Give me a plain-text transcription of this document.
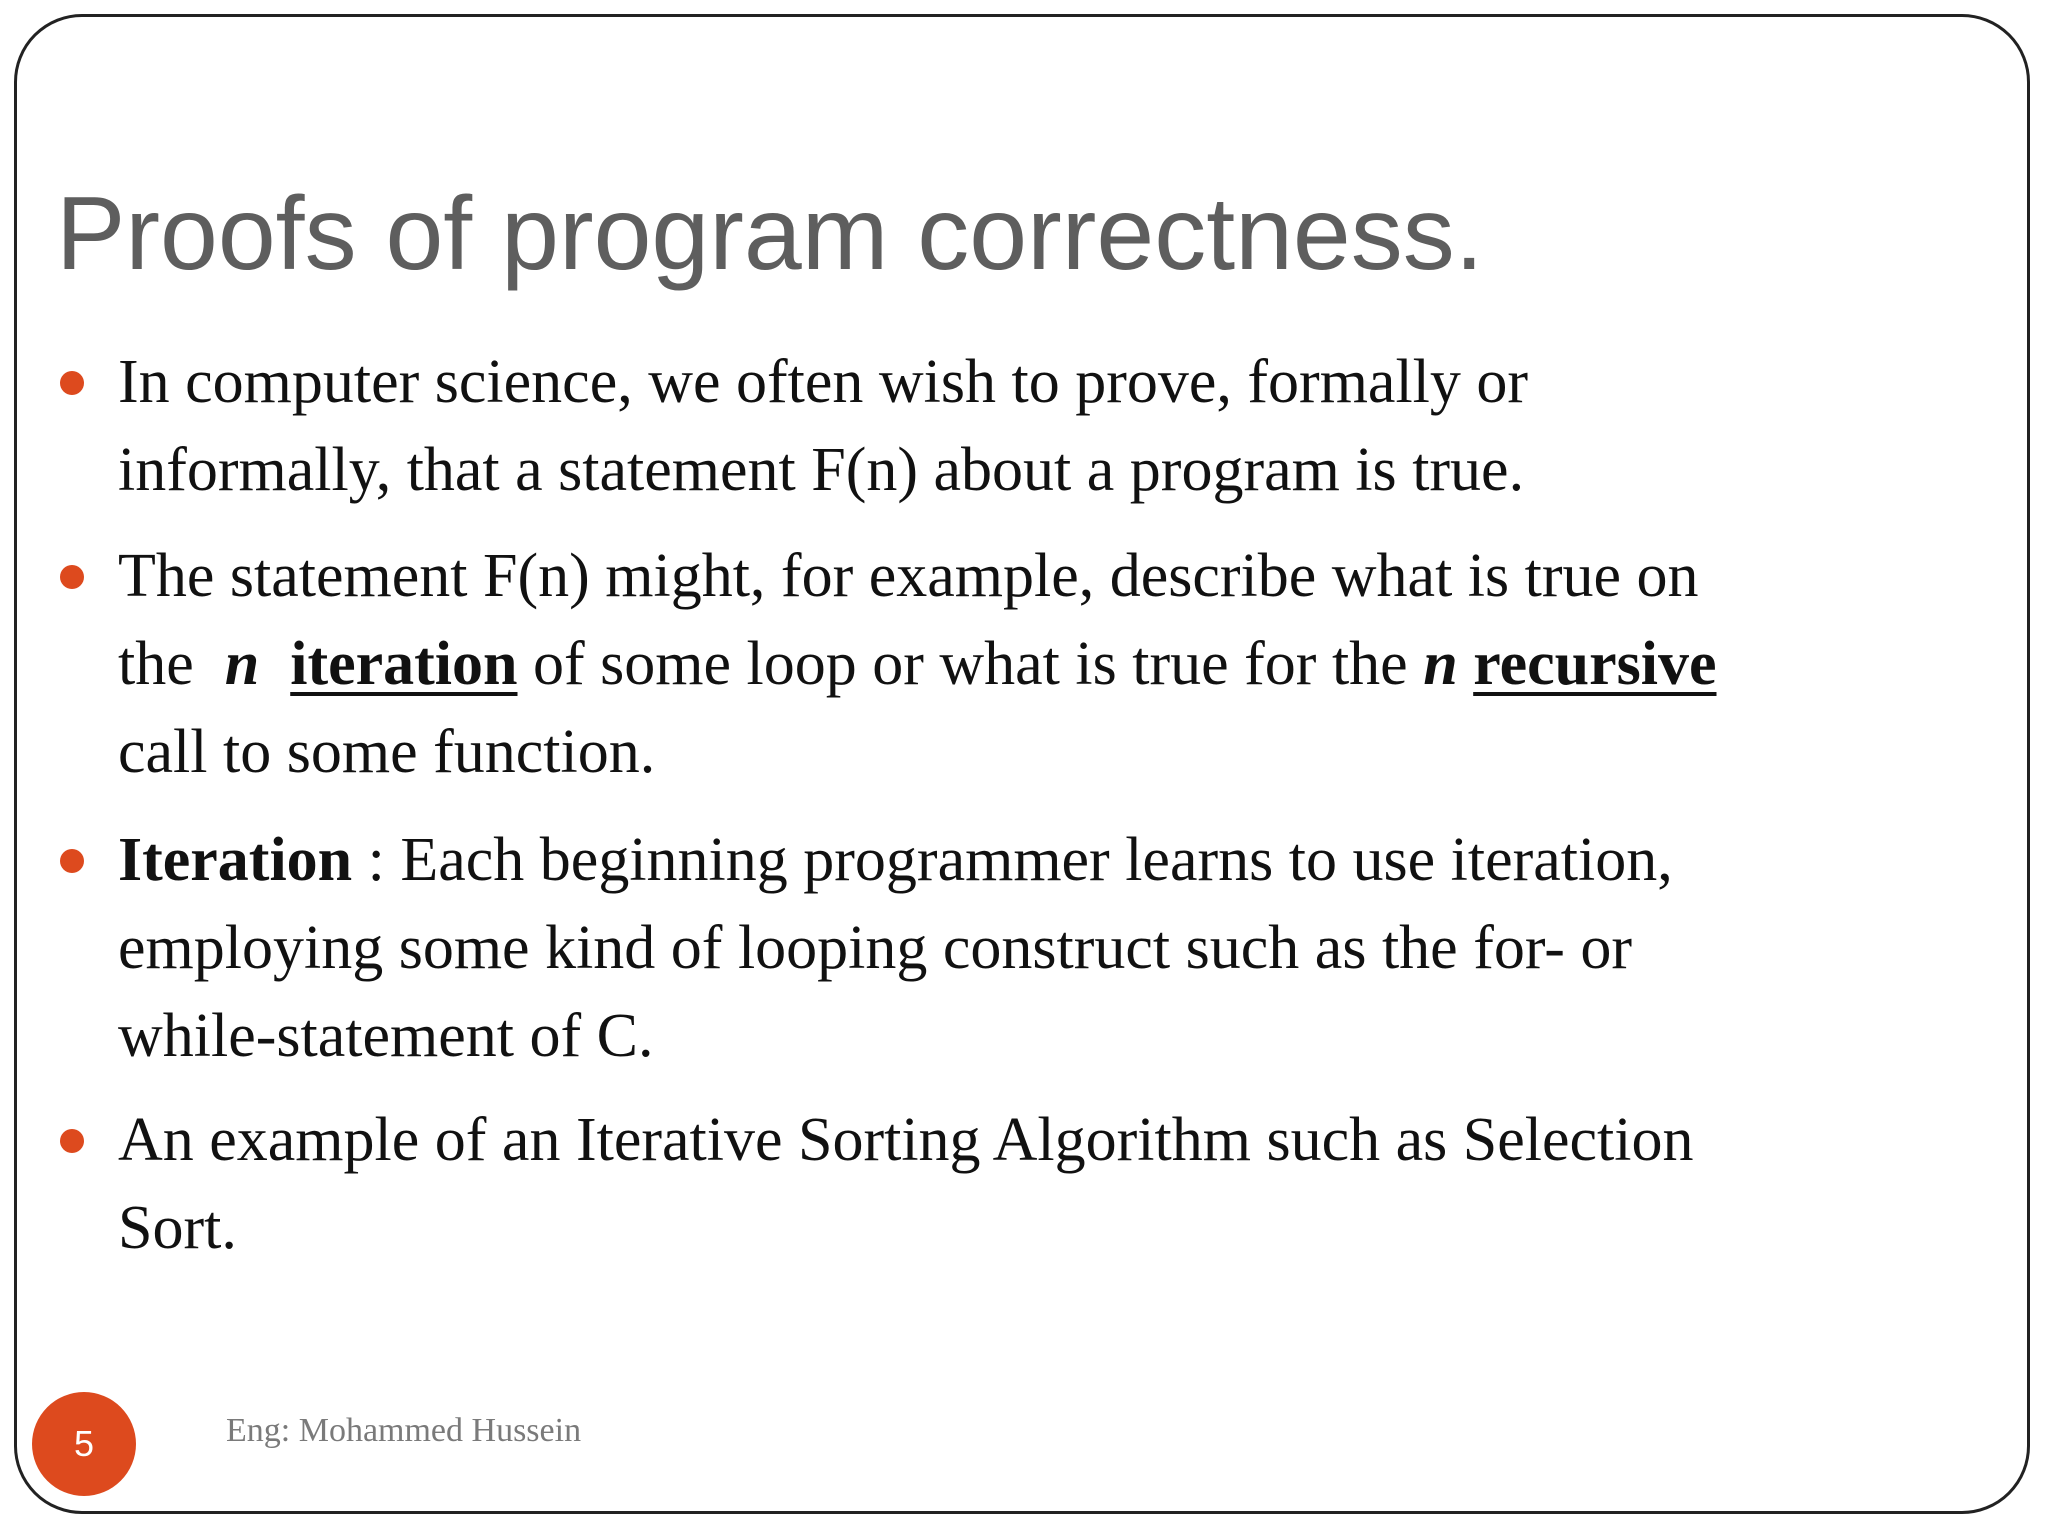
Proofs of program correctness.
In computer science, we often wish to prove, formally or
informally, that a statement F(n) about a program is true.
The statement F(n) might, for example, describe what is true on
the n iteration of some loop or what is true for the n recursive
call to some function.
Iteration : Each beginning programmer learns to use iteration,
employing some kind of looping construct such as the for- or
while-statement of C.
An example of an Iterative Sorting Algorithm such as Selection
Sort.
5	Eng: Mohammed Hussein
